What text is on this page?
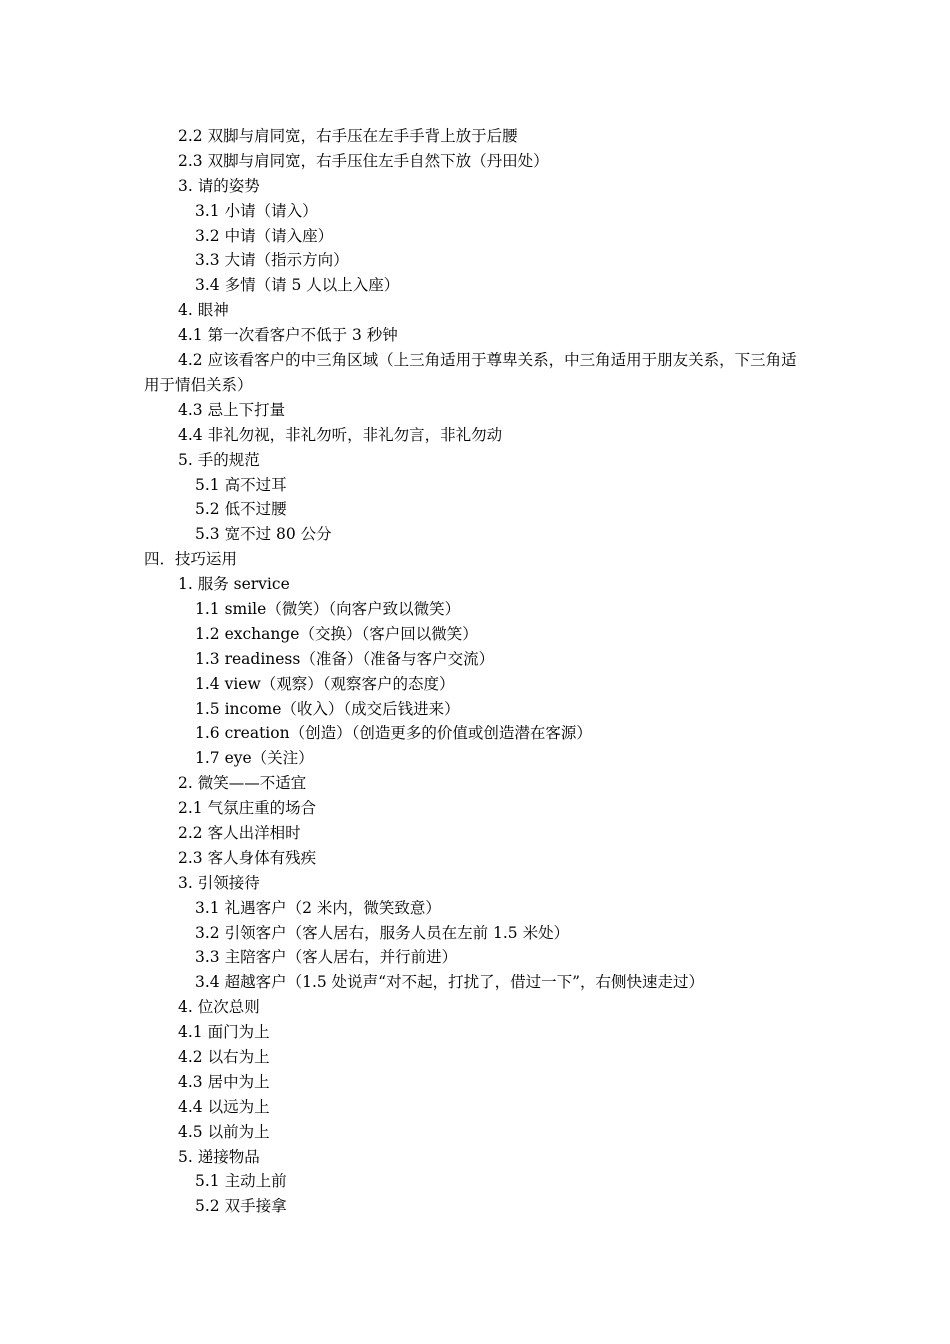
2.2 双脚与肩同宽，右手压在左手手背上放于后腰
2.3 双脚与肩同宽，右手压住左手自然下放（丹田处）
3. 请的姿势
3.1 小请（请入）
3.2 中请（请入座）
3.3 大请（指示方向）
3.4 多情（请 5 人以上入座）
4. 眼神
4.1 第一次看客户不低于 3 秒钟
4.2 应该看客户的中三角区域（上三角适用于尊卑关系，中三角适用于朋友关系，下三角适用于情侣关系）
4.3 忌上下打量
4.4 非礼勿视，非礼勿听，非礼勿言，非礼勿动
5. 手的规范
5.1 高不过耳
5.2 低不过腰
5.3 宽不过 80 公分
四．技巧运用
1. 服务 service
1.1 smile（微笑）（向客户致以微笑）
1.2 exchange（交换）（客户回以微笑）
1.3 readiness（准备）（准备与客户交流）
1.4 view（观察）（观察客户的态度）
1.5 income（收入）（成交后钱进来）
1.6 creation（创造）（创造更多的价值或创造潜在客源）
1.7 eye（关注）
2. 微笑——不适宜
2.1 气氛庄重的场合
2.2 客人出洋相时
2.3 客人身体有残疾
3. 引领接待
3.1 礼遇客户（2 米内，微笑致意）
3.2 引领客户（客人居右，服务人员在左前 1.5 米处）
3.3 主陪客户（客人居右，并行前进）
3.4 超越客户（1.5 处说声“对不起，打扰了，借过一下”，右侧快速走过）
4. 位次总则
4.1 面门为上
4.2 以右为上
4.3 居中为上
4.4 以远为上
4.5 以前为上
5. 递接物品
5.1 主动上前
5.2 双手接拿
